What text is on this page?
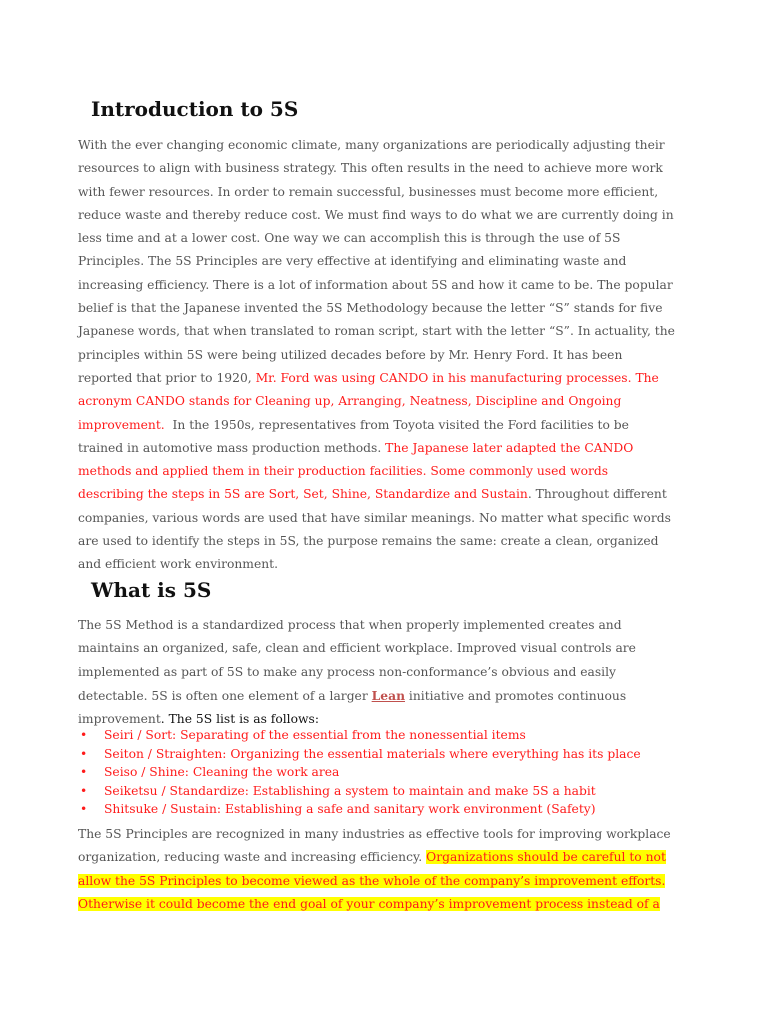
Introduction to 5S
With the ever changing economic climate, many organizations are periodically adjusting their
resources to align with business strategy. This often results in the need to achieve more work
with fewer resources. In order to remain successful, businesses must become more efficient,
reduce waste and thereby reduce cost. We must find ways to do what we are currently doing in
less time and at a lower cost. One way we can accomplish this is through the use of 5S
Principles. The 5S Principles are very effective at identifying and eliminating waste and
increasing efficiency. There is a lot of information about 5S and how it came to be. The popular
belief is that the Japanese invented the 5S Methodology because the letter “S” stands for five
Japanese words, that when translated to roman script, start with the letter “S”. In actuality, the
principles within 5S were being utilized decades before by Mr. Henry Ford. It has been
reported that prior to 1920, Mr. Ford was using CANDO in his manufacturing processes. The
acronym CANDO stands for Cleaning up, Arranging, Neatness, Discipline and Ongoing
improvement.  In the 1950s, representatives from Toyota visited the Ford facilities to be
trained in automotive mass production methods. The Japanese later adapted the CANDO
methods and applied them in their production facilities. Some commonly used words
describing the steps in 5S are Sort, Set, Shine, Standardize and Sustain. Throughout different
companies, various words are used that have similar meanings. No matter what specific words
are used to identify the steps in 5S, the purpose remains the same: create a clean, organized
and efficient work environment.
What is 5S
The 5S Method is a standardized process that when properly implemented creates and
maintains an organized, safe, clean and efficient workplace. Improved visual controls are
implemented as part of 5S to make any process non-conformance’s obvious and easily
detectable. 5S is often one element of a larger Lean initiative and promotes continuous
improvement. The 5S list is as follows:
• Seiri / Sort: Separating of the essential from the nonessential items
• Seiton / Straighten: Organizing the essential materials where everything has its place
• Seiso / Shine: Cleaning the work area
• Seiketsu / Standardize: Establishing a system to maintain and make 5S a habit
• Shitsuke / Sustain: Establishing a safe and sanitary work environment (Safety)
The 5S Principles are recognized in many industries as effective tools for improving workplace
organization, reducing waste and increasing efficiency. Organizations should be careful to not
allow the 5S Principles to become viewed as the whole of the company’s improvement efforts.
Otherwise it could become the end goal of your company’s improvement process instead of a
